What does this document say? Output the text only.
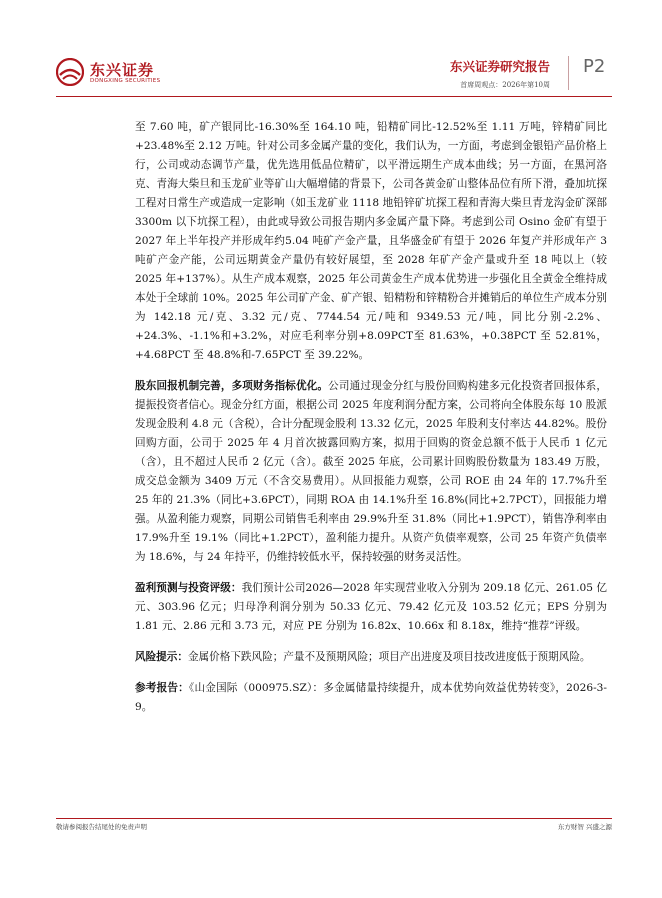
东兴证券
DONGXING SECURITIES
东兴证券研究报告
首席周观点：2026年第10周
P2

至 7.60 吨，矿产银同比-16.30%至 164.10 吨，铅精矿同比-12.52%至 1.11 万吨，锌精矿同比+23.48%至 2.12 万吨。针对公司多金属产量的变化，我们认为，一方面，考虑到金银铅产品价格上行，公司或动态调节产量，优先选用低品位精矿，以平滑远期生产成本曲线；另一方面，在黑河洛克、青海大柴旦和玉龙矿业等矿山大幅增储的背景下，公司各黄金矿山整体品位有所下滑，叠加坑探工程对日常生产或造成一定影响（如玉龙矿业 1118 地铅锌矿坑探工程和青海大柴旦青龙沟金矿深部 3300m 以下坑探工程），由此或导致公司报告期内多金属产量下降。考虑到公司 Osino 金矿有望于2027 年上半年投产并形成年约5.04 吨矿产金产量，且华盛金矿有望于 2026 年复产并形成年产 3 吨矿产金产能，公司远期黄金产量仍有较好展望，至 2028 年矿产金产量或升至 18 吨以上（较 2025 年+137%）。从生产成本观察，2025 年公司黄金生产成本优势进一步强化且全黄金全维持成本处于全球前 10%。2025 年公司矿产金、矿产银、铅精粉和锌精粉合并摊销后的单位生产成本分别为 142.18 元/克、3.32 元/克、7744.54 元/吨和 9349.53 元/吨，同比分别-2.2%、+24.3%、-1.1%和+3.2%，对应毛利率分别+8.09PCT至 81.63%，+0.38PCT 至 52.81%，+4.68PCT 至 48.8%和-7.65PCT 至 39.22%。

股东回报机制完善，多项财务指标优化。公司通过现金分红与股份回购构建多元化投资者回报体系，提振投资者信心。现金分红方面，根据公司 2025 年度利润分配方案，公司将向全体股东每 10 股派发现金股利 4.8 元（含税），合计分配现金股利 13.32 亿元，2025 年股利支付率达 44.82%。股份回购方面，公司于 2025 年 4 月首次披露回购方案，拟用于回购的资金总额不低于人民币 1 亿元（含），且不超过人民币 2 亿元（含）。截至 2025 年底，公司累计回购股份数量为 183.49 万股，成交总金额为 3409 万元（不含交易费用）。从回报能力观察，公司 ROE 由 24 年的 17.7%升至 25 年的 21.3%（同比+3.6PCT），同期 ROA 由 14.1%升至 16.8%(同比+2.7PCT），回报能力增强。从盈利能力观察，同期公司销售毛利率由 29.9%升至 31.8%（同比+1.9PCT），销售净利率由 17.9%升至 19.1%（同比+1.2PCT），盈利能力提升。从资产负债率观察，公司 25 年资产负债率为 18.6%，与 24 年持平，仍维持较低水平，保持较强的财务灵活性。

盈利预测与投资评级：我们预计公司2026—2028 年实现营业收入分别为 209.18 亿元、261.05 亿元、303.96 亿元；归母净利润分别为 50.33 亿元、79.42 亿元及 103.52 亿元；EPS 分别为 1.81 元、2.86 元和 3.73 元，对应 PE 分别为 16.82x、10.66x 和 8.18x，维持“推荐”评级。

风险提示：金属价格下跌风险；产量不及预期风险；项目产出进度及项目技改进度低于预期风险。

参考报告：《山金国际（000975.SZ）：多金属储量持续提升，成本优势向效益优势转变》，2026-3-9。

敬请参阅报告结尾处的免责声明	东方财智 兴盛之源
